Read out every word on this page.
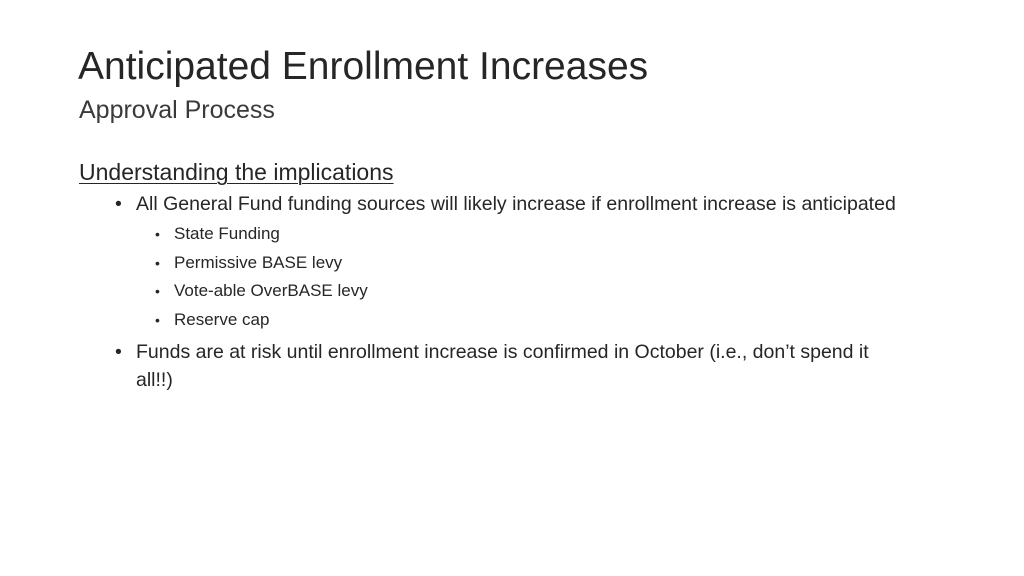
Anticipated Enrollment Increases
Approval Process
Understanding the implications
• All General Fund funding sources will likely increase if enrollment increase is anticipated
• State Funding
• Permissive BASE levy
• Vote-able OverBASE levy
• Reserve cap
• Funds are at risk until enrollment increase is confirmed in October (i.e., don’t spend it all!!)
